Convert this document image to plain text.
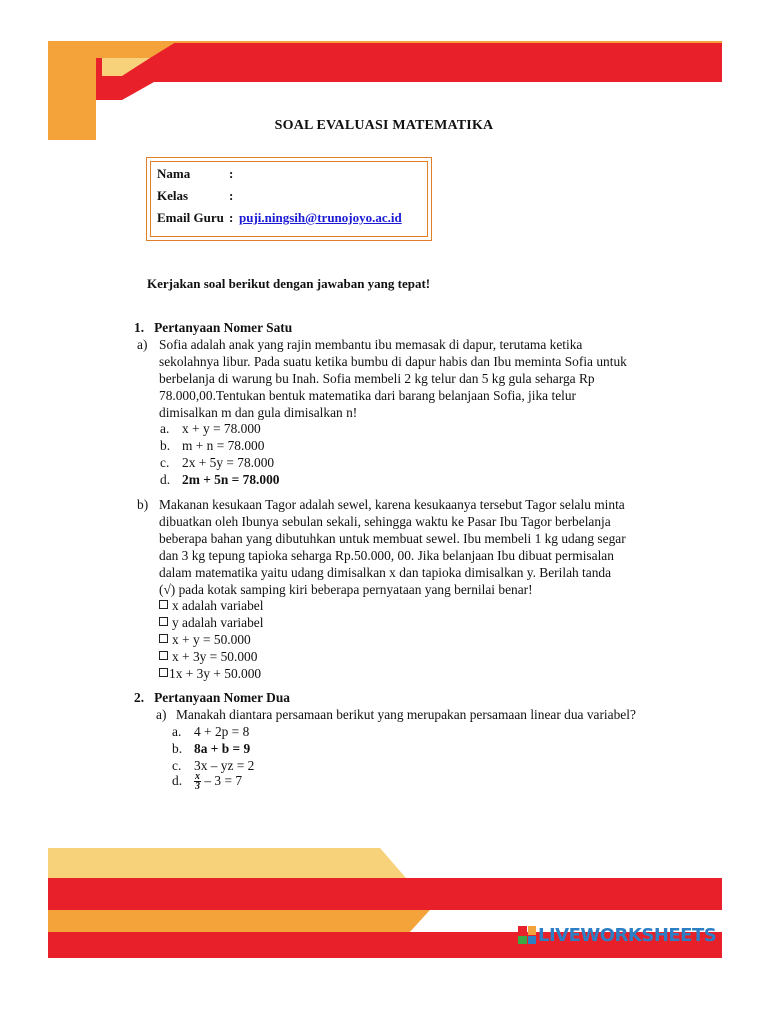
SOAL EVALUASI MATEMATIKA
Nama	:
Kelas	:
Email Guru : puji.ningsih@trunojoyo.ac.id
Kerjakan soal berikut dengan jawaban yang tepat!
1. Pertanyaan Nomer Satu
a) Sofia adalah anak yang rajin membantu ibu memasak di dapur, terutama ketika
sekolahnya libur. Pada suatu ketika bumbu di dapur habis dan Ibu meminta Sofia untuk
berbelanja di warung bu Inah. Sofia membeli 2 kg telur dan 5 kg gula seharga Rp
78.000,00.Tentukan bentuk matematika dari barang belanjaan Sofia, jika telur
dimisalkan m dan gula dimisalkan n!
a. x + y = 78.000
b. m + n = 78.000
c. 2x + 5y = 78.000
d. 2m + 5n = 78.000
b) Makanan kesukaan Tagor adalah sewel, karena kesukaanya tersebut Tagor selalu minta
dibuatkan oleh Ibunya sebulan sekali, sehingga waktu ke Pasar Ibu Tagor berbelanja
beberapa bahan yang dibutuhkan untuk membuat sewel. Ibu membeli 1 kg udang segar
dan 3 kg tepung tapioka seharga Rp.50.000, 00. Jika belanjaan Ibu dibuat permisalan
dalam matematika yaitu udang dimisalkan x dan tapioka dimisalkan y. Berilah tanda
(√) pada kotak samping kiri beberapa pernyataan yang bernilai benar!
x adalah variabel
y adalah variabel
x + y = 50.000
x + 3y = 50.000
1x + 3y + 50.000
2. Pertanyaan Nomer Dua
a) Manakah diantara persamaan berikut yang merupakan persamaan linear dua variabel?
a. 4 + 2p = 8
b. 8a + b = 9
c. 3x – yz = 2
d. $\frac{x}{3} - 3 = 7$
LIVEWORKSHEETS
